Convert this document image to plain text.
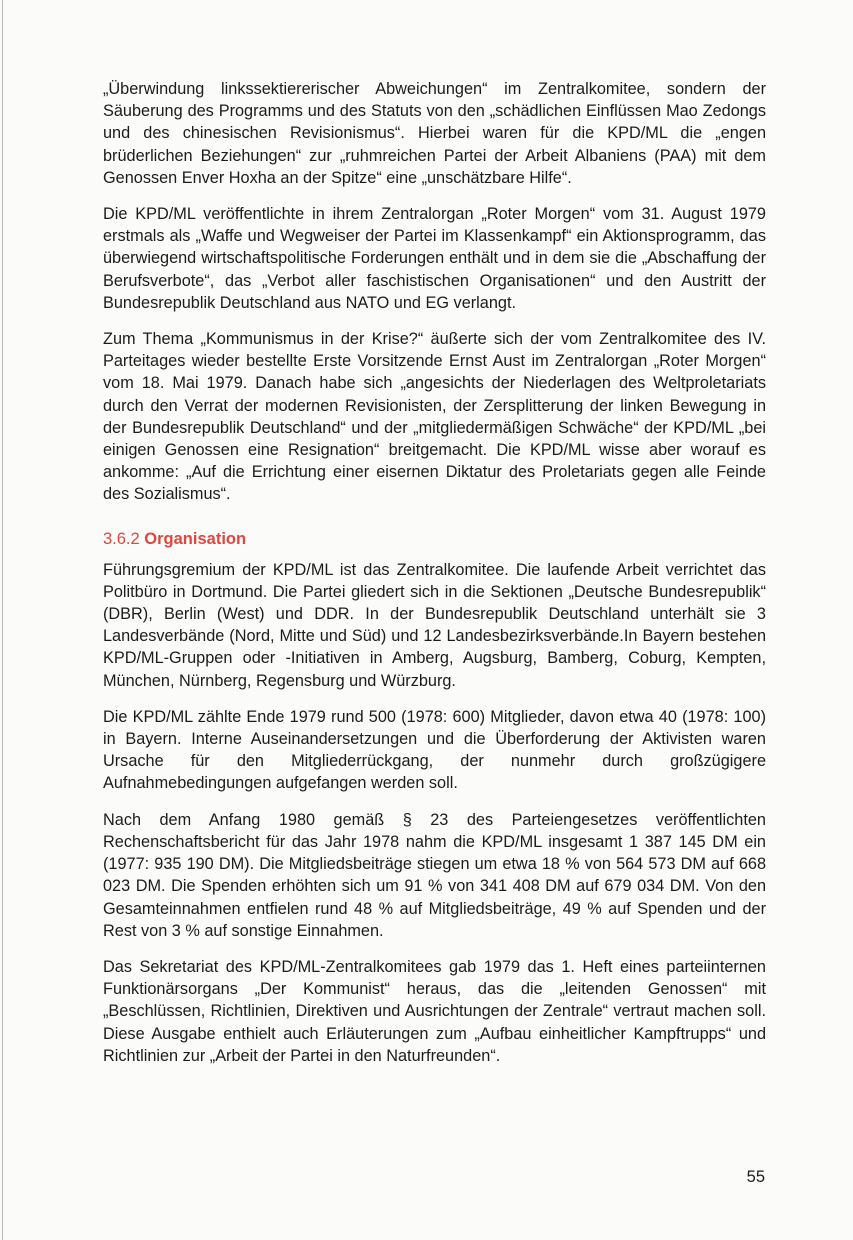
„Überwindung linkssektiererischer Abweichungen“ im Zentralkomitee, sondern der Säuberung des Programms und des Statuts von den „schädlichen Einflüssen Mao Zedongs und des chinesischen Revisionismus“. Hierbei waren für die KPD/ML die „engen brüderlichen Beziehungen“ zur „ruhmreichen Partei der Arbeit Albaniens (PAA) mit dem Genossen Enver Hoxha an der Spitze“ eine „unschätzbare Hilfe“.

Die KPD/ML veröffentlichte in ihrem Zentralorgan „Roter Morgen“ vom 31. August 1979 erstmals als „Waffe und Wegweiser der Partei im Klassenkampf“ ein Aktionsprogramm, das überwiegend wirtschaftspolitische Forderungen enthält und in dem sie die „Abschaffung der Berufsverbote“, das „Verbot aller faschistischen Organisationen“ und den Austritt der Bundesrepublik Deutschland aus NATO und EG verlangt.

Zum Thema „Kommunismus in der Krise?“ äußerte sich der vom Zentralkomitee des IV. Parteitages wieder bestellte Erste Vorsitzende Ernst Aust im Zentralorgan „Roter Morgen“ vom 18. Mai 1979. Danach habe sich „angesichts der Niederlagen des Weltproletariats durch den Verrat der modernen Revisionisten, der Zersplitterung der linken Bewegung in der Bundesrepublik Deutschland“ und der „mitgliedermäßigen Schwäche“ der KPD/ML „bei einigen Genossen eine Resignation“ breitgemacht. Die KPD/ML wisse aber worauf es ankomme: „Auf die Errichtung einer eisernen Diktatur des Proletariats gegen alle Feinde des Sozialismus“.

3.6.2 Organisation

Führungsgremium der KPD/ML ist das Zentralkomitee. Die laufende Arbeit verrichtet das Politbüro in Dortmund. Die Partei gliedert sich in die Sektionen „Deutsche Bundesrepublik“ (DBR), Berlin (West) und DDR. In der Bundesrepublik Deutschland unterhält sie 3 Landesverbände (Nord, Mitte und Süd) und 12 Landesbezirksverbände.In Bayern bestehen KPD/ML-Gruppen oder -Initiativen in Amberg, Augsburg, Bamberg, Coburg, Kempten, München, Nürnberg, Regensburg und Würzburg.

Die KPD/ML zählte Ende 1979 rund 500 (1978: 600) Mitglieder, davon etwa 40 (1978: 100) in Bayern. Interne Auseinandersetzungen und die Überforderung der Aktivisten waren Ursache für den Mitgliederrückgang, der nunmehr durch großzügigere Aufnahmebedingungen aufgefangen werden soll.

Nach dem Anfang 1980 gemäß § 23 des Parteiengesetzes veröffentlichten Rechenschaftsbericht für das Jahr 1978 nahm die KPD/ML insgesamt 1 387 145 DM ein (1977: 935 190 DM). Die Mitgliedsbeiträge stiegen um etwa 18 % von 564 573 DM auf 668 023 DM. Die Spenden erhöhten sich um 91 % von 341 408 DM auf 679 034 DM. Von den Gesamteinnahmen entfielen rund 48 % auf Mitgliedsbeiträge, 49 % auf Spenden und der Rest von 3 % auf sonstige Einnahmen.

Das Sekretariat des KPD/ML-Zentralkomitees gab 1979 das 1. Heft eines parteiinternen Funktionärsorgans „Der Kommunist“ heraus, das die „leitenden Genossen“ mit „Beschlüssen, Richtlinien, Direktiven und Ausrichtungen der Zentrale“ vertraut machen soll. Diese Ausgabe enthielt auch Erläuterungen zum „Aufbau einheitlicher Kampftrupps“ und Richtlinien zur „Arbeit der Partei in den Naturfreunden“.

55
